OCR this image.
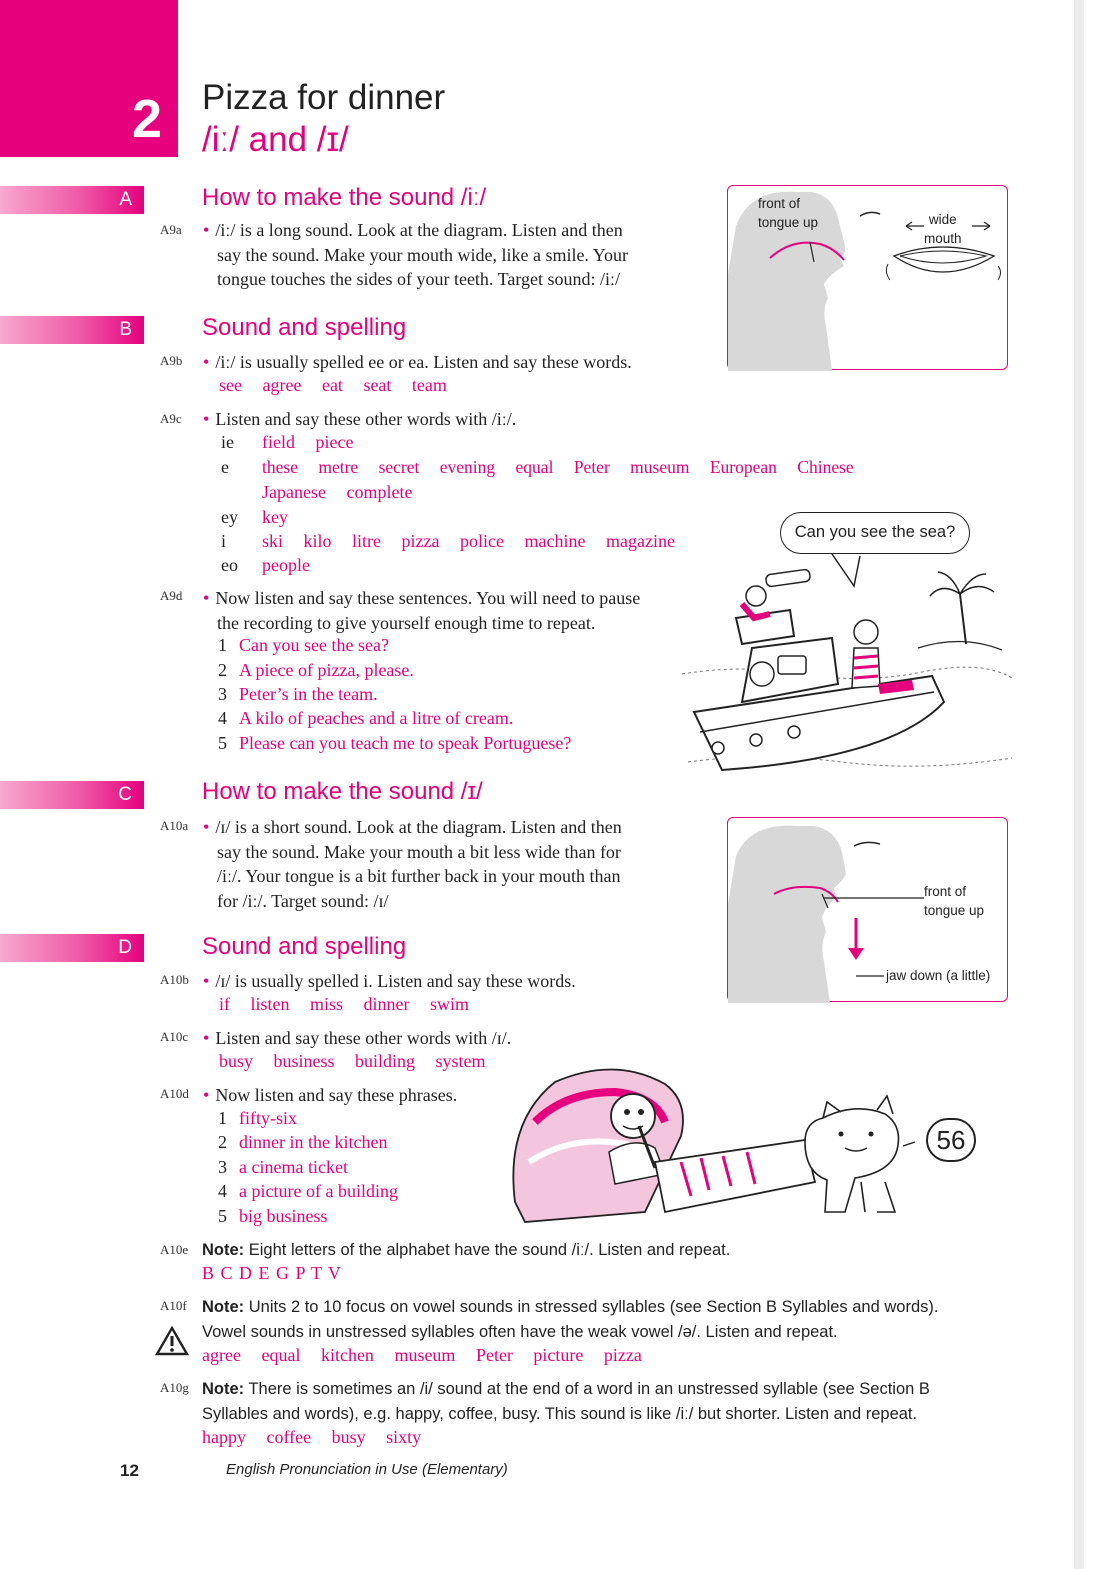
2 Pizza for dinner
/iː/ and /ɪ/
A	How to make the sound /iː/
A9a • /iː/ is a long sound. Look at the diagram. Listen and then
say the sound. Make your mouth wide, like a smile. Your
tongue touches the sides of your teeth. Target sound: /iː/
front of
tongue up	wide
mouth
B	Sound and spelling
A9b • /iː/ is usually spelled ee or ea. Listen and say these words.
see agree eat seat team
A9c • Listen and say these other words with /iː/.
ie field piece
e these metre secret evening equal Peter museum European Chinese
Japanese complete
ey key
i ski kilo litre pizza police machine magazine
eo people
Can you see the sea?
A9d • Now listen and say these sentences. You will need to pause
the recording to give yourself enough time to repeat.
1 Can you see the sea?
2 A piece of pizza, please.
3 Peter’s in the team.
4 A kilo of peaches and a litre of cream.
5 Please can you teach me to speak Portuguese?
C	How to make the sound /ɪ/
A10a • /ɪ/ is a short sound. Look at the diagram. Listen and then
say the sound. Make your mouth a bit less wide than for
/iː/. Your tongue is a bit further back in your mouth than
for /iː/. Target sound: /ɪ/	front of
tongue up
jaw down (a little)
D	Sound and spelling
A10b • /ɪ/ is usually spelled i. Listen and say these words.
if listen miss dinner swim
A10c • Listen and say these other words with /ɪ/.
busy business building system
A10d • Now listen and say these phrases.
1 fifty-six
2 dinner in the kitchen
3 a cinema ticket
4 a picture of a building
5 big business
56
A10e Note: Eight letters of the alphabet have the sound /iː/. Listen and repeat.
B C D E G P T V
A10f Note: Units 2 to 10 focus on vowel sounds in stressed syllables (see Section B Syllables and words).
Vowel sounds in unstressed syllables often have the weak vowel /ə/. Listen and repeat.
agree equal kitchen museum Peter picture pizza
A10g Note: There is sometimes an /i/ sound at the end of a word in an unstressed syllable (see Section B
Syllables and words), e.g. happy, coffee, busy. This sound is like /iː/ but shorter. Listen and repeat.
happy coffee busy sixty
12	English Pronunciation in Use (Elementary)
